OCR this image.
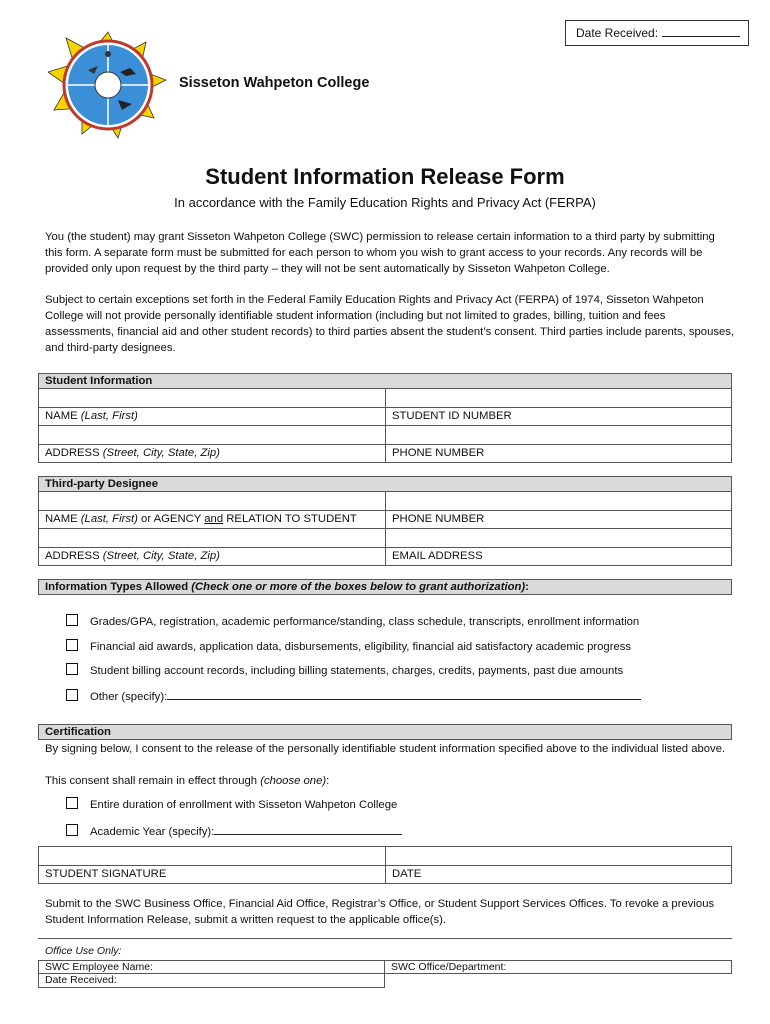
Date Received:
Sisseton Wahpeton College
Student Information Release Form
In accordance with the Family Education Rights and Privacy Act (FERPA)
You (the student) may grant Sisseton Wahpeton College (SWC) permission to release certain information to a third party by submitting this form. A separate form must be submitted for each person to whom you wish to grant access to your records. Any records will be provided only upon request by the third party – they will not be sent automatically by Sisseton Wahpeton College.
Subject to certain exceptions set forth in the Federal Family Education Rights and Privacy Act (FERPA) of 1974, Sisseton Wahpeton College will not provide personally identifiable student information (including but not limited to grades, billing, tuition and fees assessments, financial aid and other student records) to third parties absent the student’s consent. Third parties include parents, spouses, and third-party designees.
Student Information
NAME (Last, First)	STUDENT ID NUMBER
ADDRESS (Street, City, State, Zip)	PHONE NUMBER
Third-party Designee
NAME (Last, First) or AGENCY and RELATION TO STUDENT	PHONE NUMBER
ADDRESS (Street, City, State, Zip)	EMAIL ADDRESS
Information Types Allowed (Check one or more of the boxes below to grant authorization):
Grades/GPA, registration, academic performance/standing, class schedule, transcripts, enrollment information
Financial aid awards, application data, disbursements, eligibility, financial aid satisfactory academic progress
Student billing account records, including billing statements, charges, credits, payments, past due amounts
Other (specify):
Certification
By signing below, I consent to the release of the personally identifiable student information specified above to the individual listed above.
This consent shall remain in effect through (choose one):
Entire duration of enrollment with Sisseton Wahpeton College
Academic Year (specify):
STUDENT SIGNATURE	DATE
Submit to the SWC Business Office, Financial Aid Office, Registrar’s Office, or Student Support Services Offices. To revoke a previous Student Information Release, submit a written request to the applicable office(s).
Office Use Only:
SWC Employee Name:	SWC Office/Department:
Date Received:
